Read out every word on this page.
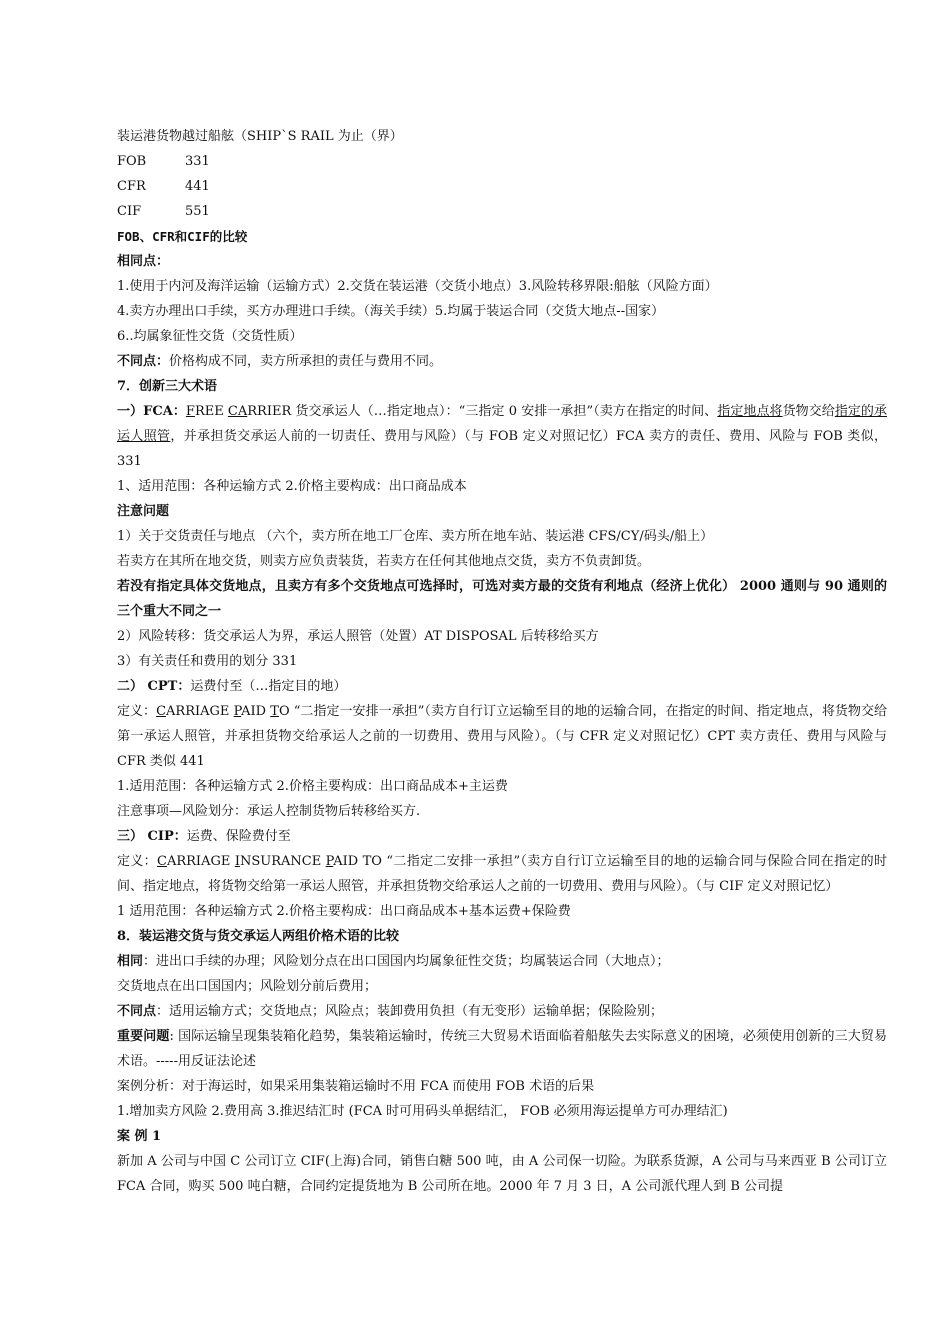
装运港货物越过船舷（SHIP`S RAIL 为止（界）
FOB	331
CFR	441
CIF	551
FOB、CFR和CIF的比较
相同点：
1.使用于内河及海洋运输（运输方式）2.交货在装运港（交货小地点）3.风险转移界限:船舷（风险方面）
4.卖方办理出口手续，买方办理进口手续。（海关手续）5.均属于装运合同（交货大地点--国家）
6..均属象征性交货（交货性质）
不同点：价格构成不同，卖方所承担的责任与费用不同。
7．创新三大术语
一）FCA：FREE CARRIER 货交承运人（…指定地点）：“三指定 0 安排一承担”（卖方在指定的时间、指定地点将货物交给指定的承运人照管，并承担货交承运人前的一切责任、费用与风险）（与 FOB 定义对照记忆）FCA 卖方的责任、费用、风险与 FOB 类似，331
1、适用范围：各种运输方式 2.价格主要构成：出口商品成本
注意问题
1）关于交货责任与地点 （六个，卖方所在地工厂仓库、卖方所在地车站、装运港 CFS/CY/码头/船上）
若卖方在其所在地交货，则卖方应负责装货，若卖方在任何其他地点交货，卖方不负责卸货。
若没有指定具体交货地点，且卖方有多个交货地点可选择时，可选对卖方最的交货有利地点（经济上优化） 2000 通则与 90 通则的三个重大不同之一
2）风险转移：货交承运人为界，承运人照管（处置）AT DISPOSAL 后转移给买方
3）有关责任和费用的划分 331
二） CPT：运费付至（…指定目的地）
定义：CARRIAGE PAID TO “二指定一安排一承担”（卖方自行订立运输至目的地的运输合同，在指定的时间、指定地点，将货物交给第一承运人照管，并承担货物交给承运人之前的一切费用、费用与风险）。（与 CFR 定义对照记忆）CPT 卖方责任、费用与风险与 CFR 类似 441
1.适用范围：各种运输方式 2.价格主要构成：出口商品成本+主运费
注意事项—风险划分：承运人控制货物后转移给买方.
三） CIP：运费、保险费付至
定义：CARRIAGE INSURANCE PAID TO “二指定二安排一承担”（卖方自行订立运输至目的地的运输合同与保险合同在指定的时间、指定地点，将货物交给第一承运人照管，并承担货物交给承运人之前的一切费用、费用与风险）。（与 CIF 定义对照记忆）
1 适用范围：各种运输方式 2.价格主要构成：出口商品成本+基本运费+保险费
8．装运港交货与货交承运人两组价格术语的比较
相同：进出口手续的办理；风险划分点在出口国国内均属象征性交货；均属装运合同（大地点）；
交货地点在出口国国内；风险划分前后费用；
不同点：适用运输方式；交货地点；风险点；装卸费用负担（有无变形）运输单据；保险险别；
重要问题: 国际运输呈现集装箱化趋势，集装箱运输时，传统三大贸易术语面临着船舷失去实际意义的困境，必须使用创新的三大贸易术语。-----用反证法论述
案例分析：对于海运时，如果采用集装箱运输时不用 FCA 而使用 FOB 术语的后果
1.增加卖方风险 2.费用高 3.推迟结汇时 (FCA 时可用码头单据结汇， FOB 必须用海运提单方可办理结汇)
案 例 1
新加 A 公司与中国 C 公司订立 CIF(上海)合同，销售白糖 500 吨，由 A 公司保一切险。为联系货源，A 公司与马来西亚 B 公司订立 FCA 合同，购买 500 吨白糖，合同约定提货地为 B 公司所在地。2000 年 7 月 3 日，A 公司派代理人到 B 公司提
